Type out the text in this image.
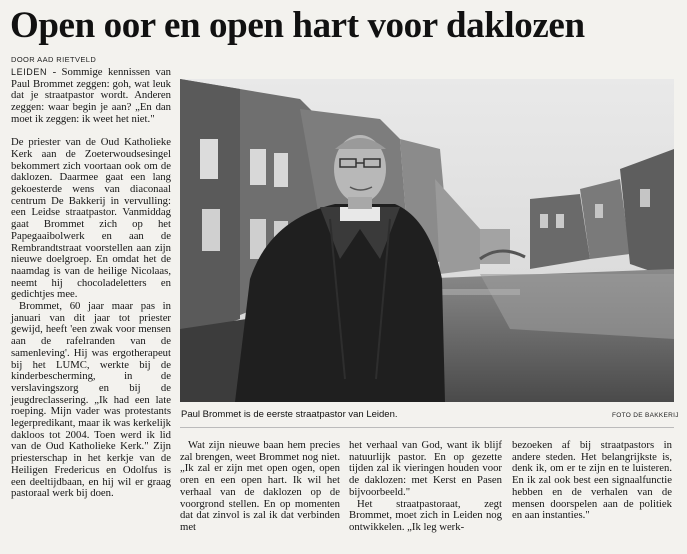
Open oor en open hart voor daklozen
DOOR AAD RIETVELD

LEIDEN - Sommige kennissen van Paul Brommet zeggen: goh, wat leuk dat je straatpastor wordt. Anderen zeggen: waar begin je aan? „En dan moet ik zeggen: ik weet het niet."

De priester van de Oud Katholieke Kerk aan de Zoeterwoudsesingel bekommert zich voortaan ook om de daklozen. Daarmee gaat een lang gekoesterde wens van diaconaal centrum De Bakkerij in vervulling: een Leidse straatpastor. Vanmiddag gaat Brommet zich op het Papegaaibolwerk en aan de Rembrandtstraat voorstellen aan zijn nieuwe doelgroep. En omdat het de naamdag is van de heilige Nicolaas, neemt hij chocoladeletters en gedichtjes mee.

Brommet, 60 jaar maar pas in januari van dit jaar tot priester gewijd, heeft 'een zwak voor mensen aan de rafelranden van de samenleving'. Hij was ergotherapeut bij het LUMC, werkte bij de kinderbescherming, in de verslavingszorg en bij de jeugdreclassering. „Ik had een late roeping. Mijn vader was protestants legerpredikant, maar ik was kerkelijk dakloos tot 2004. Toen werd ik lid van de Oud Katholieke Kerk." Zijn priesterschap in het kerkje van de Heiligen Fredericus en Odolfus is een deeltijdbaan, en hij wil er graag pastoraal werk bij doen.

Paul Brommet is de eerste straatpastor van Leiden.	FOTO DE BAKKERIJ

Wat zijn nieuwe baan hem precies zal brengen, weet Brommet nog niet. „Ik zal er zijn met open ogen, open oren en een open hart. Ik wil het verhaal van de daklozen op de voorgrond stellen. En op momenten dat dat zinvol is zal ik dat verbinden met

het verhaal van God, want ik blijf natuurlijk pastor. En op gezette tijden zal ik vieringen houden voor de daklozen: met Kerst en Pasen bijvoorbeeld."

Het straatpastoraat, zegt Brommet, moet zich in Leiden nog ontwikkelen. „Ik leg werk-

bezoeken af bij straatpastors in andere steden. Het belangrijkste is, denk ik, om er te zijn en te luisteren. En ik zal ook best een signaalfunctie hebben en de verhalen van de mensen doorspelen aan de politiek en aan instanties."
